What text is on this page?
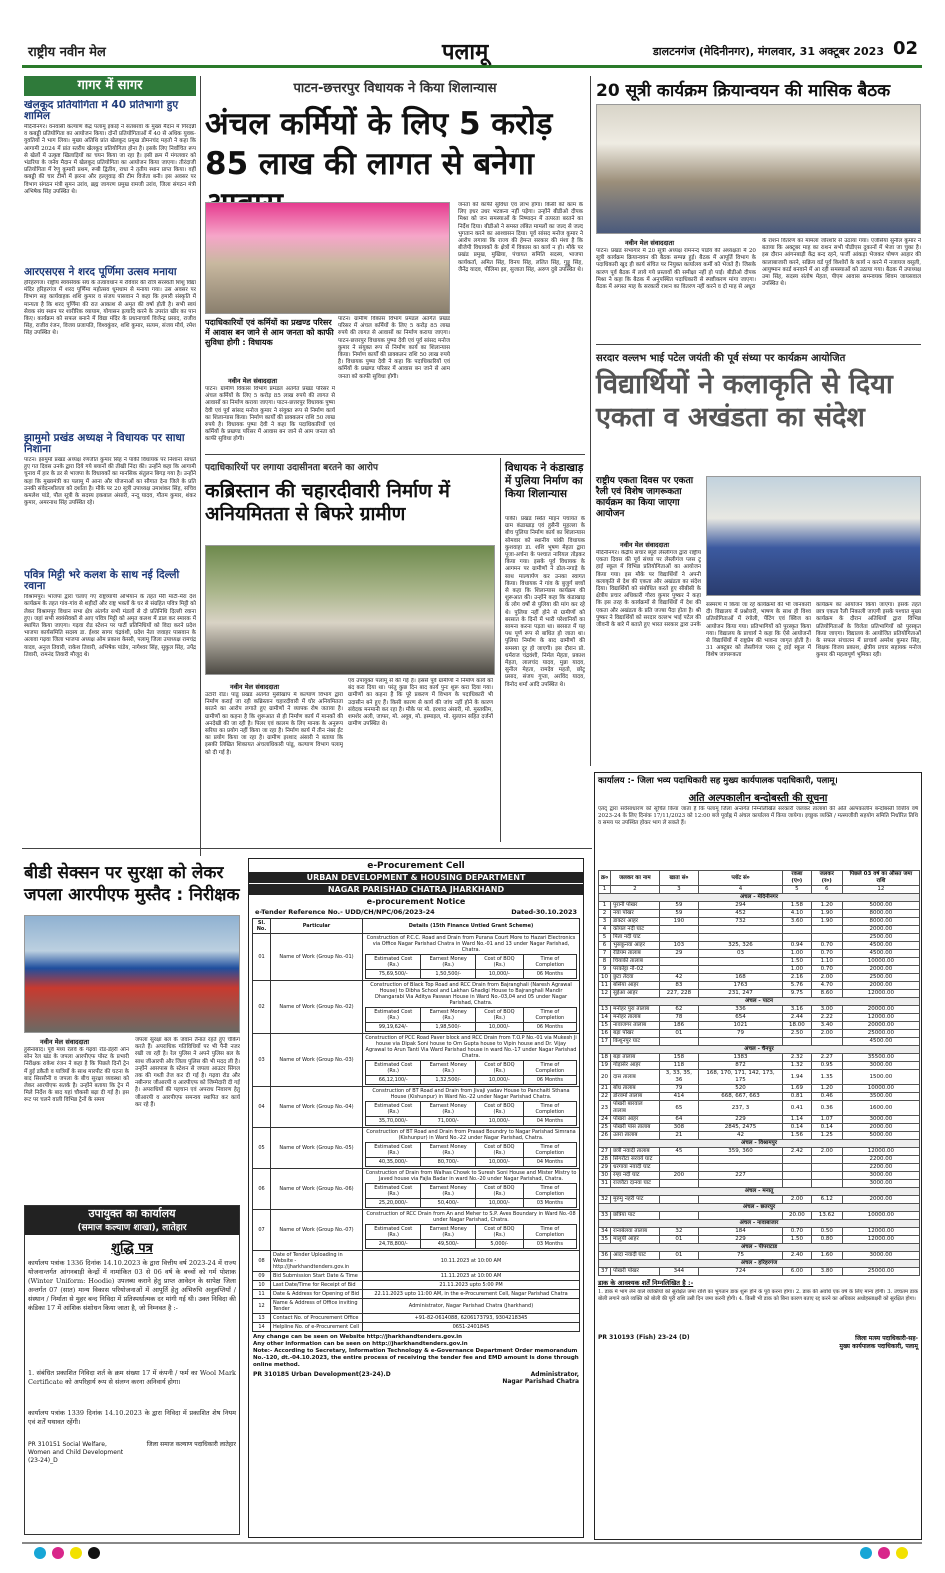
राष्ट्रीय नवीन मेल	पलामू	डालटनगंज (मेदिनीनगर), मंगलवार, 31 अक्टूबर 2023 02
गागर में सागर
खेलकूद प्रतियोगिता में 40 प्रतिभागी हुए शामिल
मेदिनीनगर। वनवासी कल्याण केंद्र पलामू इकाई ने सतबरवा के मुख्य मैदान में गिरदन्नी व कबड्डी प्रतियोगिता का आयोजन किया। दोनों प्रतियोगिताओं में 40 से अधिक युवक-युवतियों ने भाग लिया। मुख्य अतिथि प्रांत खेलकूद प्रमुख डोमनचंद महतो ने कहा कि आगामी 2024 में प्रांत स्तरीय खेलकूद प्रतियोगिता होना है। इसके लिए निर्वाचित रूप से खेलों में उत्कृष्ट खिलाड़ियों का चयन किया जा रहा है। इसी क्रम में मंगलवार को भंडरिया के जनेव मैदान में खेलकूद प्रतियोगिता का आयोजन किया जाएगा। तीरंदाजी प्रतियोगिता में रेणु कुमारी प्रथम, रूबी द्वितीय, राधा ने तृतीय स्थान प्राप्त किया। वहीं कबड्डी की चार टीमों में झरना और हल्लुवाड़ की टीम विजेता बनी। इस अवसर पर विभाग संगठन मंत्री सुमन उरांव, ब्रह्म जागरण प्रमुख रामजी उरांव, जिला संगठन मंत्री अभिषेक सिंह उपस्थित थे।
आरएसएस ने शरद पूर्णिमा उत्सव मनाया
हरिहरगंज। राष्ट्रीय स्वयंसेवक संघ के तत्वावधान में रविवार की रात्रि सरस्वती शिशु विद्या मंदिर हरिहरगंज में शरद पूर्णिमा महोत्सव धूमधाम से मनाया गया। उस अवसर पर विभाग सह कार्यवाहक शशि कुमार व संजय पासवान ने कहा कि हमारी संस्कृति में मान्यता है कि शरद पूर्णिमा की रात आकाश से अमृत की वर्षा होती है। सभी स्वयं सेवक संघ स्थान पर शारीरिक व्यायाम, योगासन इत्यादि करने के उपरांत खीर का पान किए। कार्यक्रम को सफल बनाने में विद्या मंदिर के प्रधानाचार्य विजेन्द्र प्रसाद, राजीव सिंह, राजीव रंजन, विजय प्रजापति, विश्वकुंवर, शशि कुमार, सत्यम, संजय मौर्य, रमेश सिंह उपस्थित थे।
झामुमो प्रखंड अध्यक्ष ने विधायक पर साधा निशाना
पाटन। झामुमो प्रखंड अध्यक्ष रणजीत कुमार सिंह ने पांकी विधायक पर निशाना साधते हुए गत दिवस उनके द्वारा दिये गये बयानों की तीखी निंदा की। उन्होंने कहा कि आगामी चुनाव में हार के डर से भाजपा के विधायकों का मानसिक संतुलन बिगड़ गया है। उन्होंने कहा कि मुख्यमंत्री का पलामू में आना और योजनाओं का सौगात देना जिले के प्रति उनकी संवेदनशीलता को दर्शाता है। मौके पर 20 सूत्री उपाध्यक्ष उमाशंकर सिंह, सचिव कमलेश पांडे, पौल सूत्री के सदस्य इकबाल अंसारी, नन्दू यादव, गौतम कुमार, शंकर कुमार, अमरनाथ सिंह उपस्थित रहे।
पवित्र मिट्टी भरे कलश के साथ नई दिल्ली रवाना
विश्रामपुर। भाजपा द्वारा चलाए गए राष्ट्रव्यापी अभियान के तहत मेरी माटी-मेरा देश कार्यक्रम के तहत गांव-गांव से शहीदों और राष्ट्र भक्तों के घर से संग्रहित पवित्र मिट्टी को लेकर विश्रामपुर विधान सभा क्षेत्र अंतर्गत सभी मंडलों से दो प्रतिनिधि दिल्ली रवाना हुए। जहां सभी स्वयंसेवकों से आए पवित्र मिट्टी को अमृत कलश में डाल कर स्मारक में स्थापित किया जाएगा। गढ़वा रोड स्टेशन पर पार्टी प्रतिनिधियों को विदा करने प्रदेश भाजपा कार्यसमिति सदस्य डा. ईश्वर सागर चंद्रवंशी, प्रदेश नेता जवाहर पासवान के अलावा गढ़वा जिला भाजपा अध्यक्ष ओम प्रकाश केसरी, पलामू जिला उपाध्यक्ष रामचंद्र यादव, अनुज तिवारी, राकेश तिवारी, अभिषेक पांडेय, नागेश्वर सिंह, सुकुल सिंह, उपेंद्र तिवारी, रामनंद तिवारी मौजूद थे।
पाटन-छत्तरपुर विधायक ने किया शिलान्यास
अंचल कर्मियों के लिए 5 करोड़ 85 लाख की लागत से बनेगा
पदाधिकारियों एवं कर्मियों का प्रखण्ड परिसर में आवास बन जाने से आम जनता को काफी सुविधा होगी : विधायक
नवीन मेल संवाददाता
पाटन। ग्रामीण विकास विभाग प्रमंडल अंतर्गत प्रखंड परिसर में अंचल कर्मियों के लिए 5 करोड़ 85 लाख रुपये की लागत से आवासों का निर्माण कराया जाएगा। पाटन-छत्तरपुर विधायक पुष्पा देवी एवं पूर्व सांसद मनोज कुमार ने संयुक्त रूप से निर्माण कार्य का शिलान्यास किया। निर्माण कार्यों की प्राक्कलन राशि 50 लाख रुपये है। विधायक पुष्पा देवी ने कहा कि पदाधिकारियों एवं कर्मियों के प्रखण्ड परिसर में आवास बन जाने से आम जनता को काफी सुविधा होगी।
पाटन। ग्रामीण विकास विभाग प्रमंडल अंतर्गत प्रखंड परिसर में अंचल कर्मियों के लिए 5 करोड़ 85 लाख रुपये की लागत से आवासों का निर्माण कराया जाएगा। पाटन-छत्तरपुर विधायक पुष्पा देवी एवं पूर्व सांसद मनोज कुमार ने संयुक्त रूप से निर्माण कार्य का शिलान्यास किया। निर्माण कार्यों की प्राक्कलन राशि 50 लाख रुपये है। विधायक पुष्पा देवी ने कहा कि पदाधिकारियों एवं कर्मियों के प्रखण्ड परिसर में आवास बन जाने से आम जनता को काफी सुविधा होगी।
जनता को काफी सुविधा एवं लाभ होगा। किसी को काम के लिए इधर उधर भटकना नहीं पड़ेगा। उन्होंने बीडीओ दीपक मिश्रा को जन समस्याओं के निष्पादन में तत्परता बरतने का निर्देश दिया। बीडीओ ने समस्त लंबित मामलों का जल्द से जल्द भुगतान करने का आश्वासन दिया। पूर्व सांसद मनोज कुमार ने आरोप लगाया कि राज्य की हेमन्त सरकार की मंशा है कि बीजेपी विधायकों के क्षेत्रों में विकास का कार्य न हो। मौके पर प्रखंड प्रमुख, मुखिया, पंचायत समिति सदस्य, भाजपा कार्यकर्ता, अमित सिंह, विनय सिंह, ललित सिंह, गुड्डू सिंह, जैनेंद्र यादव, पीलिमा झा, सुजाता सिंह, अरुण दुबे उपस्थित थे।
पदाधिकारियों पर लगाया उदासीनता बरतने का आरोप
कब्रिस्तान की चहारदीवारी निर्माण में अनियमितता से बिफरे ग्रामीण
नवीन मेल संवाददाता
उंटारी रोड। पांडू प्रखंड अंतर्गत मुसीखाप में कल्याण विभाग द्वारा निर्माण कराई जा रही कब्रिस्तान चहारदीवारी में घोर अनियमितता बरतने का आरोप लगाते हुए ग्रामीणों ने व्यापक रोष जताया है। ग्रामीणों का कहना है कि शुरूआत से ही निर्माण कार्य में मानकों की अनदेखी की जा रही है। पिलर एवं कालम के लिए मानक के अनुरूप सरिया का प्रयोग नहीं किया जा रहा है। निर्माण कार्य में तीन नंबर ईंट का प्रयोग किया जा रहा है। ग्रामीण इरशाद अंसारी ने बताया कि इसकी लिखित शिकायत अंचलाधिकारी पांडू, कल्याण विभाग पलामू को दी गई है।
एवं उपायुक्त पलामू से की गई है। इससे पूर्व ग्रामीणों ने निर्माण कार्य को बंद करा दिया था। परंतु कुछ दिन बाद कार्य पुनः शुरू करा दिया गया। ग्रामीणों का कहना है कि पूरे प्रकरण में विभाग के पदाधिकारी भी उदासीन बने हुए हैं। किसी कारण से कार्य की जांच नहीं होने के कारण संवेदक मनमानी कर रहा है। मौके पर मो. इरशाद अंसारी, मो. मुस्तकीम, शमशेर अली, जाफर, मो. अयूब, मो. इस्माइल, मो. सुल्तान सहित दर्जनों ग्रामीण उपस्थित थे।
विधायक ने कंडाखाड़ में पुलिया निर्माण का किया शिलान्यास
पांकी। प्रखंड स्थित माइन पंचायत के ग्राम कंडाखाड़ एवं हुसैनी मुहल्ला के बीच पुलिया निर्माण कार्य का शिलान्यास सोमवार को स्थानीय पांकी विधायक कुशवाहा डा. शशि भूषण मेहता द्वारा पूजा-अर्चना के पश्चात नारियल तोड़कर किया गया। इसके पूर्व विधायक के आगमन पर ग्रामीणों ने ढोल-नगाड़े के साथ माल्यार्पण कर उनका स्वागत किया। विधायक ने गांव के बुजुर्ग बच्चों से कहा कि शिलान्यास कार्यक्रम की शुरूआत की। उन्होंने कहा कि कंडाखाड़ के लोग वर्षों से पुलिया की मांग कर रहे थे। पुलिया नहीं होने से ग्रामीणों को बरसात के दिनों में भारी परेशानियों का सामना करना पड़ता था। बरसात में यह पथ पूर्ण रूप से बाधित हो जाता था। पुलिया निर्माण के बाद ग्रामीणों की समस्या दूर हो जाएगी। इस दौरान प्रो. धर्मराज चंद्रवंशी, निर्मल मेहता, प्रकाश मेहता, लालचंद यादव, मुन्ना यादव, सुनील मेहता, रामदेव महतो, छोटू प्रसाद, संजय गुप्ता, अरविंद यादव, विनोद शर्मा आदि उपस्थित थे।
20 सूत्री कार्यक्रम क्रियान्वयन की मासिक बैठक
नवीन मेल संवाददाता
पाटन। प्रखंड सभागार में 20 सूत्री अध्यक्ष रामनन्द पांडेय की अध्यक्षता में 20 सूत्री कार्यक्रम क्रियान्वयन की बैठक सम्पन्न हुई। बैठक में आपूर्ति विभाग के पदाधिकारी खुद ही कार्य संचित पर नियुक्त कार्यालय कर्मी को भेजते हैं। जिसके कारण पूर्व बैठक में लाये गये प्रस्तावों की समीक्षा नहीं हो पाई। बीडीओ दीपक मिश्रा ने कहा कि बैठक में अनुपस्थित पदाधिकारी से स्पष्टीकरण मांगा जाएगा। बैठक में अगस्त माह के सरकारी राशन का वितरण नहीं करने व दो माह से अधूरा
के राशन वितरण का मामला जोरशोर से उठाया गया। एजेंसिया सुनील कुमार ने बताया कि अक्टूबर माह का राशन सभी पीडीएस दुकानों में भेजा जा चुका है। इस दौरान आंगनबाड़ी केंद्र बन्द रहने, फर्जी आंकड़ा भेजकर पोषण आहार की कालाबाजारी करने, सक्रिय वर्ड पूर्व किशोरों के कार्य न करने में नजायज वसूली, आयुष्मान कार्ड बनवाने में आ रही समस्याओं को उठाया गया। बैठक में उपाध्यक्ष उमा सिंह, सदस्य संतोष मेहता, पीएम आवास समन्वयक शिवम जायसवाल उपस्थित थे।
सरदार वल्लभ भाई पटेल जयंती की पूर्व संध्या पर कार्यक्रम आयोजित
विद्यार्थियों ने कलाकृति से दिया एकता व अखंडता का संदेश
राष्ट्रीय एकता दिवस पर एकता रैली एवं विशेष जागरूकता कार्यक्रम का किया जाएगा आयोजन
नवीन मेल संवाददाता
मेदिनीनगर। केंद्रीय संचार ब्यूरो लेस्लीगंज द्वारा राष्ट्रीय एकता दिवस की पूर्व संध्या पर लेस्लीगंज प्लस टू हाई स्कूल में विभिन्न प्रतियोगिताओं का आयोजन किया गया। इस मौके पर विद्यार्थियों ने अपनी कलाकृति से देश की एकता और अखंडता का संदेश दिया। विद्यार्थियों को संबोधित करते हुए सीबीसी के क्षेत्रीय प्रचार अधिकारी गौरव कुमार पुष्कर ने कहा कि इस तरह के कार्यक्रमों से विद्यार्थियों में देश की एकता और अखंडता के प्रति जज्बा पैदा होता है। श्री पुष्कर ने विद्यार्थियों को सरदार वल्लभ भाई पटेल की जीवनी के बारे में बताते हुए भारत सरकार द्वारा उनके
संस्मरण में किया जा रहे कार्यक्रमों की भी जानकारी दी। विद्यालय में प्रश्नोत्तरी, भाषण के साथ ही विश्व प्रतियोगिताओं में रंगोली, पेंटिंग एवं क्विज का आयोजन किया गया। प्रतिभागियों को पुरस्कृत किया गया। विद्यालय के प्राचार्य ने कहा कि ऐसे आयोजनों से विद्यार्थियों में राष्ट्रप्रेम की भावना जागृत होती है। 31 अक्टूबर को लेस्लीगंज प्लस टू हाई स्कूल में विशेष जागरूकता
कार्यक्रम का आयोजन किया जाएगा। इसके तहत छात्र एकता रैली निकाली जाएगी इसके पश्चात मुख्य कार्यक्रम के दौरान अतिथियों द्वारा विभिन्न प्रतियोगिताओं के विजेता प्रतिभागियों को पुरस्कृत किया जाएगा। विद्यालय के आयोजित प्रतियोगिताओं के सफल संचालन में प्राचार्य अमरेश कुमार सिंह, शिक्षक विजय प्रकाश, क्षेत्रीय प्रचार सहायक मनोज कुमार की महत्वपूर्ण भूमिका रही।
बीडी सेक्सन पर सुरक्षा को लेकर जपला आरपीएफ मुस्तैद : निरीक्षक
नवीन मेल संवाददाता
हुसैनाबाद। पूर्व मध्य रेलवे के गढ़वा रोड-डेहरी ऑन सोन रेल खंड के जपला आरपीएफ पोस्ट के प्रभारी निरीक्षक राकेश रंजन ने कहा है कि पिछले दिनों ट्रेन में हुई डकैती व यात्रियों के साथ मारपीट की घटना के बाद सिरसौनी व जपला के बीच सुरक्षा व्यवस्था को लेकर आरपीएफ सतर्क है। उन्होंने बताया कि ट्रेन में मिले निर्देश के बाद यहां चौकसी बढ़ा दी गई है। इस रूट पर चलने वाली विभिन्न ट्रेनों के समय
जपला सुरक्षा बल के जवान तैनात रहते हुए चेकिंग करते हैं। अपराधिक गतिविधियों पर भी पैनी नजर रखी जा रही है। रेल पुलिस ने अपने पुलिस बल के साथ जीआरपी और जिला पुलिस की भी मदद ली है। उन्होंने आसपास के स्टेशन से जपला आउटर सिंगल तक की गश्ती तेज कर दी गई है। गढ़वा रोड और नबीनगर जीआरपी व आरपीएफ को जिम्मेदारी दी गई है। अपराधियों की पहचान एवं अपराध निवारण हेतु जीआरपी व आरपीएफ समन्वय स्थापित कर कार्य कर रहे हैं।
उपायुक्त का कार्यालय
(समाज कल्याण शाखा), लातेहार
शुद्धि पत्र
कार्यालय पत्रांक 1336 दिनांक 14.10.2023 के द्वारा वित्तीय वर्ष 2023-24 में राज्य योजनान्तर्गत आंगनबाड़ी केन्द्रों में नामांकित 03 से 06 वर्ष के बच्चों को गर्म पोशाक (Winter Uniform: Hoodie) उपलब्ध कराने हेतु प्राप्त आवेदन के सापेक्ष जिला अन्तर्गत 07 (सात) मान्य विकास परियोजनाओं में आपूर्ति हेतु अभिरुचि अनुज्ञप्तियाँ / संस्थान / निर्माता से मुहर बन्द निविदा में प्रतिस्पर्धात्मक दर मांगी गई थी। उक्त निविदा की कंडिका 17 में आंशिक संशोधन किया जाता है, जो निम्नवत है :-
1. संबंधित प्रकाशित निविदा शर्त के क्रम संख्या 17 में कंपनी / फर्म का Wool Mark Certificate को अपरिहार्य रूप से संलग्न करना अनिवार्य होगा।
कार्यालय पत्रांक 1339 दिनांक 14.10.2023 के द्वारा निविदा में प्रकाशित शेष नियम एवं शर्तें यथावत रहेंगी।
PR 310151 Social Welfare, Women and Child Development (23-24)_D
जिला समाज कल्याण पदाधिकारी लातेहार
e-Procurement Cell
URBAN DEVELOPMENT & HOUSING DEPARTMENT
NAGAR PARISHAD CHATRA JHARKHAND
e-procurement Notice
e-Tender Reference No.- UDD/CH/NPC/06/2023-24	Dated-30.10.2023
Sl. No.	Particular	Details (15th Finance Untied Grant Scheme)
01	Name of Work (Group No.-01)	
Construction of P.C.C. Road and Drain from Purana Court More to Hazari Electronics via Office Nagar Parishad Chatra in Ward No.-01 and 13 under Nagar Parishad, Chatra.
Estimated Cost (Rs.)	Earnest Money (Rs.)	Cost of BOQ (Rs.)	Time of Completion
75,69,500/-	1,50,500/-	10,000/-	06 Months

02	Name of Work (Group No.-02)	
Construction of Black Top Road and RCC Drain from Bajranghali (Naresh Agrawal House) to Dibha School and Lakhan Ghadigi House to Bajranghali Mandir Dhangarabi Via Aditya Paswan House in Ward No.-03,04 and 05 under Nagar Parishad, Chatra.
Estimated Cost (Rs.)	Earnest Money (Rs.)	Cost of BOQ (Rs.)	Time of Completion
99,19,624/-	1,98,500/-	10,000/-	06 Months

03	Name of Work (Group No.-03)	
Construction of PCC Road Paver block and RCC Drain from T.O.P No.-01 via Mukesh Ji house via Dipak Soni house to Om Gupta house to Vipin house and Dr. Vijay Agrawal to Arun Tanti Via Ward Parishad house in ward No.-17 under Nagar Parishad Chatra.
Estimated Cost (Rs.)	Earnest Money (Rs.)	Cost of BOQ (Rs.)	Time of Completion
66,12,100/-	1,32,500/-	10,000/-	06 Months

04	Name of Work (Group No.-04)	
Construction of BT Road and Drain from Jivaji yadav House to Panchaiti Sthana House (Kishunpur) in Ward No.-22 under Nagar Parishad Chatra.
Estimated Cost (Rs.)	Earnest Money (Rs.)	Cost of BOQ (Rs.)	Time of Completion
35,70,000/-	71,000/-	10,000/-	04 Months

05	Name of Work (Group No.-05)	
Construction of BT Road and Drain from Prasad Boundry to Nagar Parishad Simrana (Kishunpur) in Ward No.-22 under Nagar Parishad, Chatra.
Estimated Cost (Rs.)	Earnest Money (Rs.)	Cost of BOQ (Rs.)	Time of Completion
40,35,000/-	80,700/-	10,000/-	04 Months

06	Name of Work (Group No.-06)	
Construction of Drain from Walhas Chowk to Suresh Soni House and Mister Mistry to Javed house via Fajla Badar in ward No.-20 under Nagar Parishad, Chatra.
Estimated Cost (Rs.)	Earnest Money (Rs.)	Cost of BOQ (Rs.)	Time of Completion
25,20,000/-	50,400/-	10,000/-	03 Months

07	Name of Work (Group No.-07)	
Construction of RCC Drain from An and Meher to S.P. Aves Boundary in Ward No.-08 under Nagar Parishad, Chatra.
Estimated Cost (Rs.)	Earnest Money (Rs.)	Cost of BOQ (Rs.)	Time of Completion
24,78,800/-	49,500/-	5,000/-	03 Months

08	Date of Tender Uploading in Website - http://jharkhandtenders.gov.in	10.11.2023 at 10:00 AM
09	Bid Submission Start Date & Time	11.11.2023 at 10:00 AM
10	Last Date/Time for Receipt of Bid	21.11.2023 upto 5:00 PM
11	Date & Address for Opening of Bid	22.11.2023 upto 11:00 AM, in the e-Procurement Cell, Nagar Parishad Chatra
12	Name & Address of Office inviting Tender	Administrator, Nagar Parishad Chatra (Jharkhand)
13	Contact No. of Procurement Office	+91-82-0614088, 6206173793, 9304218345
14	Helpline No. of e-Procurement Cell	0651-2401845
Any change can be seen on Website http://jharkhandtenders.gov.in
Any other information can be seen on http://jharkhandtenders.gov.in
Note:- According to Secretary, Information Technology & e-Governance Department Order memorandum No.-120, dt.-04.10.2023, the entire process of receiving the tender fee and EMD amount is done through online method.
PR 310185 Urban Development(23-24).D	Administrator,
Nagar Parishad Chatra
कार्यालय :- जिला भव्य पदाधिकारी सह मुख्य कार्यपालक पदाधिकारी, पलामू।
अति अल्पकालीन बन्दोबस्ती की सूचना
एतद् द्वारा सर्वसाधारण को सूचित किया जाता है कि पलामू जिला अन्तर्गत निम्नलिखित सरकारी जलकर तालाबों की अति अल्पकालीन बन्दोबस्ती वित्तीय वर्ष 2023-24 के लिए दिनांक 17/11/2023 को 12:00 बजे पूर्वाह्न में अंचल कार्यालय में किया जायेगा। इच्छुक व्यक्ति / मत्स्यजीवी सहयोग समिति निर्धारित तिथि व समय पर उपस्थित होकर भाग ले सकते हैं।
क्र०	जलकर का नाम	खाता सं०	प्लॉट सं०	रकबा (ए०)	जलकर (र०)	पिछले 03 वर्ष का औसत जमा राशि
1	2	3	4	5	6	12
अंचल - मेदिनीनगर						
1	पुरानी पोखर	59	294	1.58	1.20	5000.00
2	नया पोखर	59	452	4.10	1.90	8000.00
3	डाक्टर आहर	190	732	3.60	1.90	8000.00
4	कोयल नदी घाट					2000.00
5	पिता नदी घाट					2500.00
6	भुसकुनवा आहर	103	325, 326	0.94	0.70	4500.00
7	रेडियम तालाब	29	03	1.00	0.70	4500.00
8	चियांकी तालाब			1.50	1.10	10000.00
9	परकोट्टा नौ-02			1.00	0.70	2000.00
10	छुटा तेंदवा	42	168	2.16	2.00	2500.00
11	बसिया आहर	83	1763	5.76	4.70	2000.00
12	सुईआ आहर	227, 228	231, 247	9.75	8.60	12000.00
अंचल - पाटन						
13	मनोहर पुरा तालाब	62	336	3.16	3.00	20000.00
14	मनोहर तालाब	78	654	2.44	2.22	12000.00
15	नावाजगर तालाब	186	1021	18.00	3.40	20000.00
16	बड़ा पोखर	01	79	2.50	2.00	25000.00
17	किशुनपुर घाट					4500.00
अंचल - चैनपुर						
18	बड़ा तालाब	158	1383	2.32	2.27	35500.00
19	गोड़ासेर आहर	118	872	1.32	0.95	3000.00
20	दास तालाब	3, 33, 35, 36	168, 170, 171, 142, 173, 175	1.94	1.35	1500.00
21	बाँध तालाब	79	520	1.69	1.20	10000.00
22	डोरवर्मा तालाब	414	668, 667, 663	0.81	0.46	3500.00
23	पोखरी बारवाल तालाब	65	237, 3	0.41	0.36	1600.00
24	पोखरा आहर	64	229	1.14	1.07	3000.00
25	पोखरी पांस तालाब	308	2845, 2475	0.14	0.14	2000.00
26	उतरा तालाब	21	42	1.56	1.25	5000.00
अंचल - विश्रामपुर						
27	छत्री नवादी तालाब	45	359, 360	2.42	2.00	12000.00
28	सिंगरौटा सरवर्य घाट					2200.00
29	धरगावा नवादी घाट					2200.00
30	रंग्हा नदी घाट	200	227			3000.00
31	राजवैटा दानवा घाट					3000.00
अंचल - मनातू						
32	मुरुमु नहरी पाट			2.00	6.12	2000.00
अंचल - छतरपुर						
33	छत्रिया पाट			20.00	13.62	10000.00
अंचल - नावाबाजार						
34	रानाबेलवा तालाब	32	184	0.70	0.50	12000.00
35	मालुयी आहर	01	229	1.50	0.80	12000.00
अंचल - पीपराटाड						
36	आदा नवादी घाट	01	75	2.40	1.60	3000.00
अंचल - हरिहरगंज						
37	पोखरी पोखर	344	724	6.00	3.80	25000.00
डाक के आवश्यक शर्तें निम्नलिखित है :-
1. डाक में भाग लेने वाले व्यक्तियों को सुरक्षित जमा राशि का भुगतान डाक शुरू होने के पूर्व करना होगा। 2. डाक की अवधि एक वर्ष के लिए मान्य होगी। 3. उच्चतम डाक बोली लगाने वाले व्यक्ति को बोली की पूरी राशि उसी दिन जमा करनी होगी। 4. किसी भी डाक को बिना कारण बताए रद्द करने का अधिकार अधोहस्ताक्षरी को सुरक्षित होगा।
PR 310193 (Fish) 23-24 (D)	जिला मत्स्य पदाधिकारी-सह-
मुख्य कार्यपालक पदाधिकारी, पलामू
